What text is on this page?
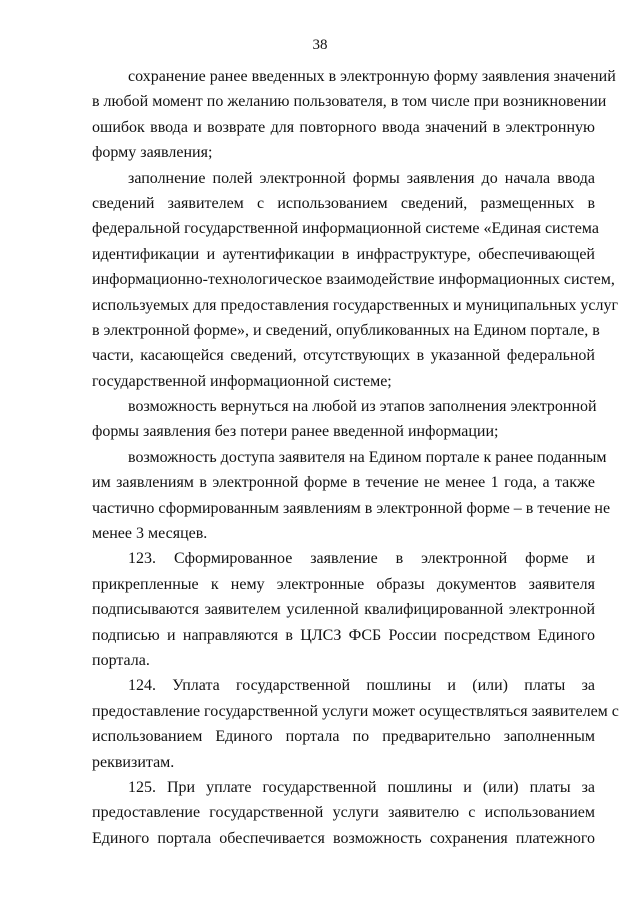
38
сохранение ранее введенных в электронную форму заявления значений
в любой момент по желанию пользователя, в том числе при возникновении
ошибок ввода и возврате для повторного ввода значений в электронную
форму заявления;
заполнение полей электронной формы заявления до начала ввода
сведений заявителем с использованием сведений, размещенных в
федеральной государственной информационной системе «Единая система
идентификации и аутентификации в инфраструктуре, обеспечивающей
информационно-технологическое взаимодействие информационных систем,
используемых для предоставления государственных и муниципальных услуг
в электронной форме», и сведений, опубликованных на Едином портале, в
части, касающейся сведений, отсутствующих в указанной федеральной
государственной информационной системе;
возможность вернуться на любой из этапов заполнения электронной
формы заявления без потери ранее введенной информации;
возможность доступа заявителя на Едином портале к ранее поданным
им заявлениям в электронной форме в течение не менее 1 года, а также
частично сформированным заявлениям в электронной форме – в течение не
менее 3 месяцев.
123. Сформированное заявление в электронной форме и
прикрепленные к нему электронные образы документов заявителя
подписываются заявителем усиленной квалифицированной электронной
подписью и направляются в ЦЛСЗ ФСБ России посредством Единого
портала.
124. Уплата государственной пошлины и (или) платы за
предоставление государственной услуги может осуществляться заявителем с
использованием Единого портала по предварительно заполненным
реквизитам.
125. При уплате государственной пошлины и (или) платы за
предоставление государственной услуги заявителю с использованием
Единого портала обеспечивается возможность сохранения платежного
